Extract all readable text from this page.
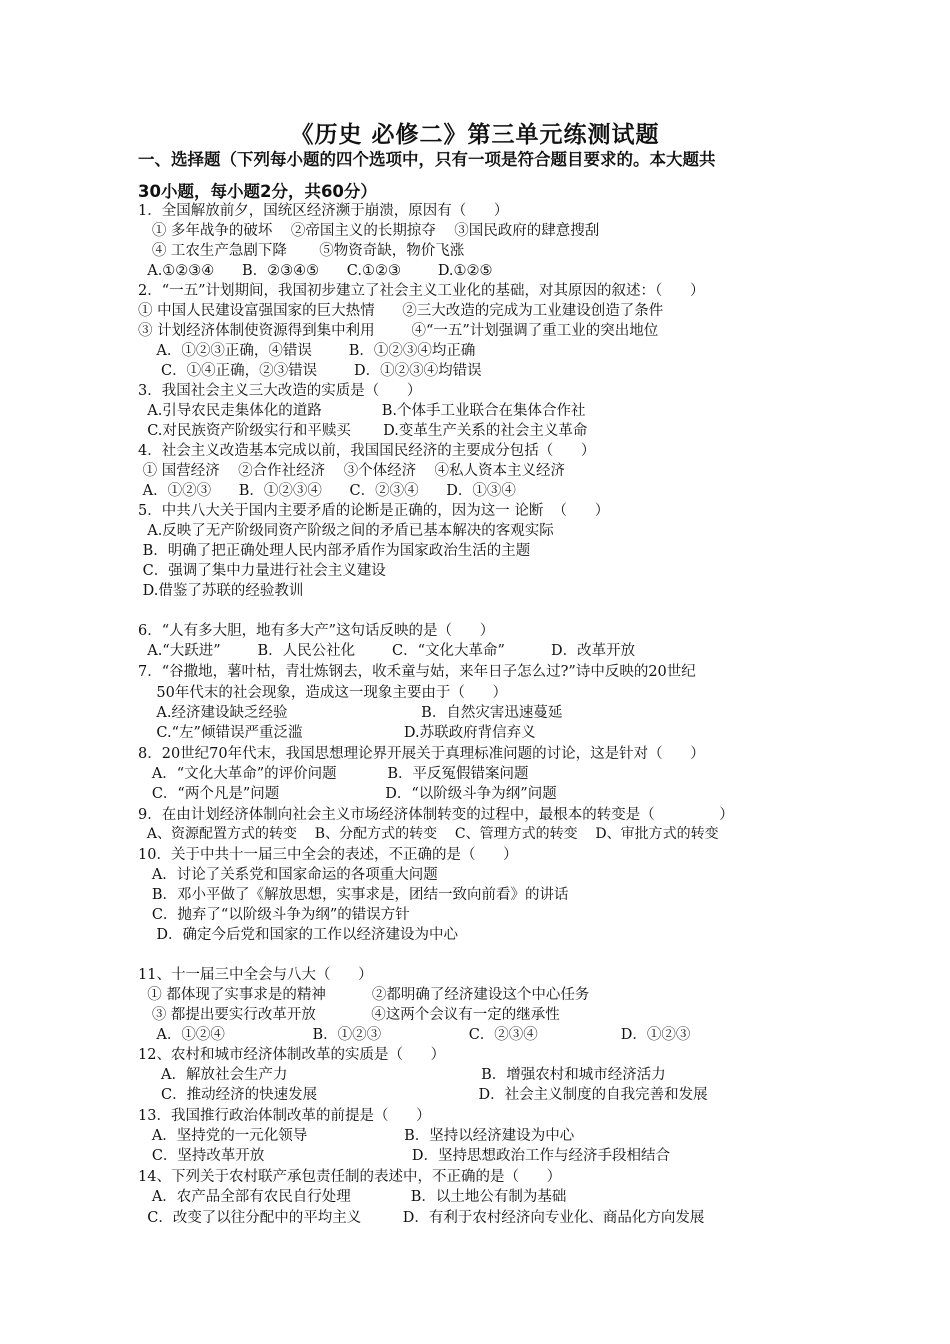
《历史 必修二》第三单元练测试题
一、选择题（下列每小题的四个选项中，只有一项是符合题目要求的。本大题共
30小题，每小题2分，共60分）
1．全国解放前夕，国统区经济濒于崩溃，原因有（      ）
① 多年战争的破坏    ②帝国主义的长期掠夺    ③国民政府的肆意搜刮
④ 工农生产急剧下降       ⑤物资奇缺，物价飞涨
A.①②③④      B．②③④⑤      C.①②③        D.①②⑤
2．“一五”计划期间，我国初步建立了社会主义工业化的基础，对其原因的叙述：（      ）
① 中国人民建设富强国家的巨大热情      ②三大改造的完成为工业建设创造了条件
③ 计划经济体制使资源得到集中利用        ④“一五”计划强调了重工业的突出地位
A．①②③正确，④错误        B．①②③④均正确
C．①④正确，②③错误        D．①②③④均错误
3．我国社会主义三大改造的实质是（      ）
A.引导农民走集体化的道路             B.个体手工业联合在集体合作社
C.对民族资产阶级实行和平赎买       D.变革生产关系的社会主义革命
4．社会主义改造基本完成以前，我国国民经济的主要成分包括（      ）
① 国营经济    ②合作社经济    ③个体经济    ④私人资本主义经济
A．①②③      B．①②③④      C．②③④      D．①③④
5．中共八大关于国内主要矛盾的论断是正确的，因为这一 论断  （      ）
A.反映了无产阶级同资产阶级之间的矛盾已基本解决的客观实际
B．明确了把正确处理人民内部矛盾作为国家政治生活的主题
C．强调了集中力量进行社会主义建设
D.借鉴了苏联的经验教训
6．“人有多大胆，地有多大产”这句话反映的是（      ）
A.“大跃进”        B．人民公社化        C．“文化大革命”          D．改革开放
7．“谷撒地，薯叶枯，青壮炼钢去，收禾童与姑，来年日子怎么过?”诗中反映的20世纪
50年代末的社会现象，造成这一现象主要由于（      ）
A.经济建设缺乏经验                             B．自然灾害迅速蔓延
C.“左”倾错误严重泛滥                      D.苏联政府背信弃义
8．20世纪70年代末，我国思想理论界开展关于真理标准问题的讨论，这是针对（      ）
A．“文化大革命”的评价问题           B．平反冤假错案问题
C．“两个凡是”问题                       D．“以阶级斗争为纲”问题
9．在由计划经济体制向社会主义市场经济体制转变的过程中，最根本的转变是（              ）
A、资源配置方式的转变    B、分配方式的转变    C、管理方式的转变    D、审批方式的转变
10．关于中共十一届三中全会的表述，不正确的是（      ）
A．讨论了关系党和国家命运的各项重大问题
B．邓小平做了《解放思想，实事求是，团结一致向前看》的讲话
C．抛弃了“以阶级斗争为纲”的错误方针
D．确定今后党和国家的工作以经济建设为中心
11、十一届三中全会与八大（      ）
① 都体现了实事求是的精神          ②都明确了经济建设这个中心任务
③ 都提出要实行改革开放            ④这两个会议有一定的继承性
A．①②④                   B．①②③                   C．②③④                  D．①②③
12、农村和城市经济体制改革的实质是（      ）
A．解放社会生产力                                          B．增强农村和城市经济活力
C．推动经济的快速发展                                   D．社会主义制度的自我完善和发展
13．我国推行政治体制改革的前提是（      ）
A．坚持党的一元化领导                     B．坚持以经济建设为中心
C．坚持改革开放                                D．坚持思想政治工作与经济手段相结合
14、下列关于农村联产承包责任制的表述中，不正确的是（      ）
A．农产品全部有农民自行处理             B．以土地公有制为基础
C．改变了以往分配中的平均主义         D．有利于农村经济向专业化、商品化方向发展
